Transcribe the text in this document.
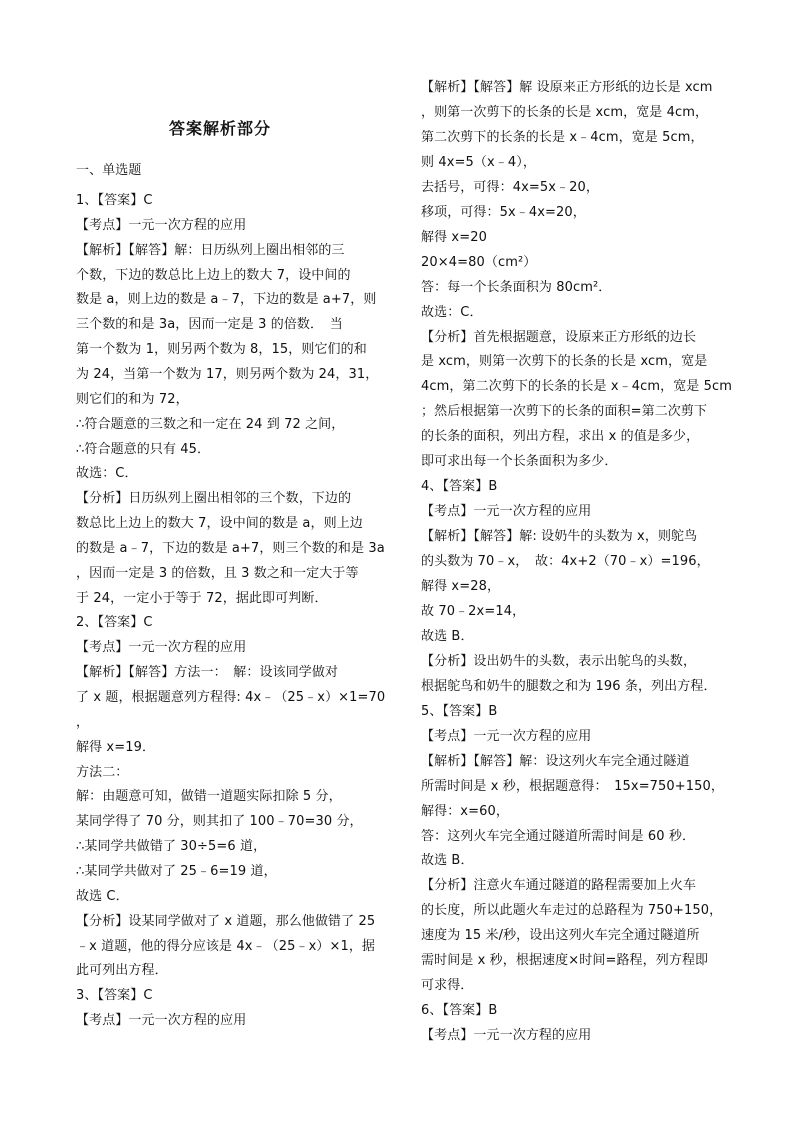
答案解析部分
一、单选题
1、【答案】C
【考点】一元一次方程的应用
【解析】【解答】解：日历纵列上圈出相邻的三
个数，下边的数总比上边上的数大 7，设中间的
数是 a，则上边的数是 a﹣7，下边的数是 a+7，则
三个数的和是 3a，因而一定是 3 的倍数．　当
第一个数为 1，则另两个数为 8，15，则它们的和
为 24，当第一个数为 17，则另两个数为 24，31，
则它们的和为 72，
∴符合题意的三数之和一定在 24 到 72 之间，
∴符合题意的只有 45．
故选：C．
【分析】日历纵列上圈出相邻的三个数，下边的
数总比上边上的数大 7，设中间的数是 a，则上边
的数是 a﹣7，下边的数是 a+7，则三个数的和是 3a
，因而一定是 3 的倍数，且 3 数之和一定大于等
于 24，一定小于等于 72，据此即可判断．
2、【答案】C
【考点】一元一次方程的应用
【解析】【解答】方法一：　解：设该同学做对
了 x 题，根据题意列方程得: 4x﹣（25﹣x）×1=70
，
解得 x=19．
方法二：
解：由题意可知，做错一道题实际扣除 5 分，
某同学得了 70 分，则其扣了 100﹣70=30 分，
∴某同学共做错了 30÷5=6 道，
∴某同学共做对了 25﹣6=19 道，
故选 C．
【分析】设某同学做对了 x 道题，那么他做错了 25
﹣x 道题，他的得分应该是 4x﹣（25﹣x）×1，据
此可列出方程．
3、【答案】C
【考点】一元一次方程的应用
【解析】【解答】解 设原来正方形纸的边长是 xcm
，则第一次剪下的长条的长是 xcm，宽是 4cm，
第二次剪下的长条的长是 x﹣4cm，宽是 5cm，
则 4x=5（x﹣4），
去括号，可得：4x=5x﹣20，
移项，可得：5x﹣4x=20，
解得 x=20
20×4=80（cm²）
答：每一个长条面积为 80cm²．
故选：C．
【分析】首先根据题意，设原来正方形纸的边长
是 xcm，则第一次剪下的长条的长是 xcm，宽是
4cm，第二次剪下的长条的长是 x﹣4cm，宽是 5cm
；然后根据第一次剪下的长条的面积=第二次剪下
的长条的面积，列出方程，求出 x 的值是多少，
即可求出每一个长条面积为多少．
4、【答案】B
【考点】一元一次方程的应用
【解析】【解答】解: 设奶牛的头数为 x，则鸵鸟
的头数为 70﹣x，　故：4x+2（70﹣x）=196，
解得 x=28，
故 70﹣2x=14，
故选 B．
【分析】设出奶牛的头数，表示出鸵鸟的头数，
根据鸵鸟和奶牛的腿数之和为 196 条，列出方程．
5、【答案】B
【考点】一元一次方程的应用
【解析】【解答】解：设这列火车完全通过隧道
所需时间是 x 秒，根据题意得：　15x=750+150，
解得：x=60，
答：这列火车完全通过隧道所需时间是 60 秒．
故选 B．
【分析】注意火车通过隧道的路程需要加上火车
的长度，所以此题火车走过的总路程为 750+150，
速度为 15 米/秒，设出这列火车完全通过隧道所
需时间是 x 秒，根据速度×时间=路程，列方程即
可求得．
6、【答案】B
【考点】一元一次方程的应用
